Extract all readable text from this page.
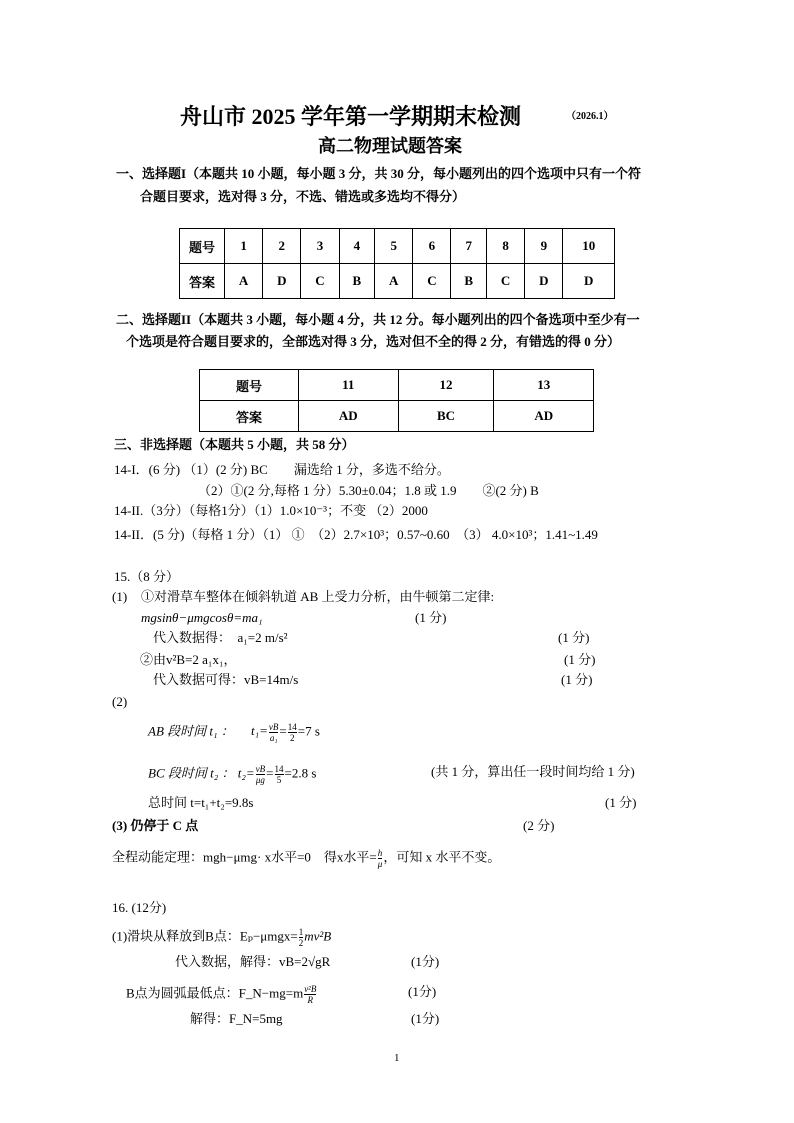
舟山市 2025 学年第一学期期末检测	（2026.1）
高二物理试题答案
一、选择题I（本题共 10 小题，每小题 3 分，共 30 分，每小题列出的四个选项中只有一个符
合题目要求，选对得 3 分，不选、错选或多选均不得分）
题号	1	2	3	4	5	6	7	8	9	10
答案	A	D	C	B	A	C	B	C	D	D
二、选择题II（本题共 3 小题，每小题 4 分，共 12 分。每小题列出的四个备选项中至少有一
个选项是符合题目要求的，全部选对得 3 分，选对但不全的得 2 分，有错选的得 0 分）
题号	11	12	13
答案	AD	BC	AD
三、非选择题（本题共 5 小题，共 58 分）
14-I．(6 分) （1）(2 分) BC　　漏选给 1 分，多选不给分。
（2）①(2 分,每格 1 分）5.30±0.04；1.8 或 1.9　　②(2 分) B
14-II.（3分）（每格1分）（1）1.0×10⁻³；不变 （2）2000
14-II．(5 分)（每格 1 分）（1） ①　（2）2.7×10³；0.57~0.60　（3） 4.0×10³；1.41~1.49
15.（8 分）
(1) ①对滑草车整体在倾斜轨道 AB 上受力分析，由牛顿第二定律:
mgsinθ−μmgcosθ=ma₁	(1 分)
代入数据得：　a₁=2 m/s²	(1 分)
②由v²B=2 a₁x₁，	(1 分)
代入数据可得：vB=14m/s	(1 分)
(2)
AB 段时间 t₁ ： $t_1= \frac{vB}{\text{a₁}} = \frac{14}{2} =7$ s
BC 段时间 t₂ ： $t_2= \frac{vB}{\mu g} = \frac{14}{5} =2.8$ s	(共 1 分，算出任一段时间均给 1 分)
总时间 t=t₁+t₂=9.8s	(1 分)
(3) 仍停于 C 点	(2 分)
全程动能定理：mgh−μmg· x水平=0　得x水平= $\frac{h}{\mu}$ ，可知 x 水平不变。
16. (12分)
(1)滑块从释放到B点：$E_p-\mu mgx= \frac{1}{2} mv^2B$
代入数据，解得：vB=2√gR	(1分)
B点为圆弧最低点：F_N−mg=m $\frac{\text{v²B}}{R}$	(1分)
解得：F_N=5mg	(1分)
1
